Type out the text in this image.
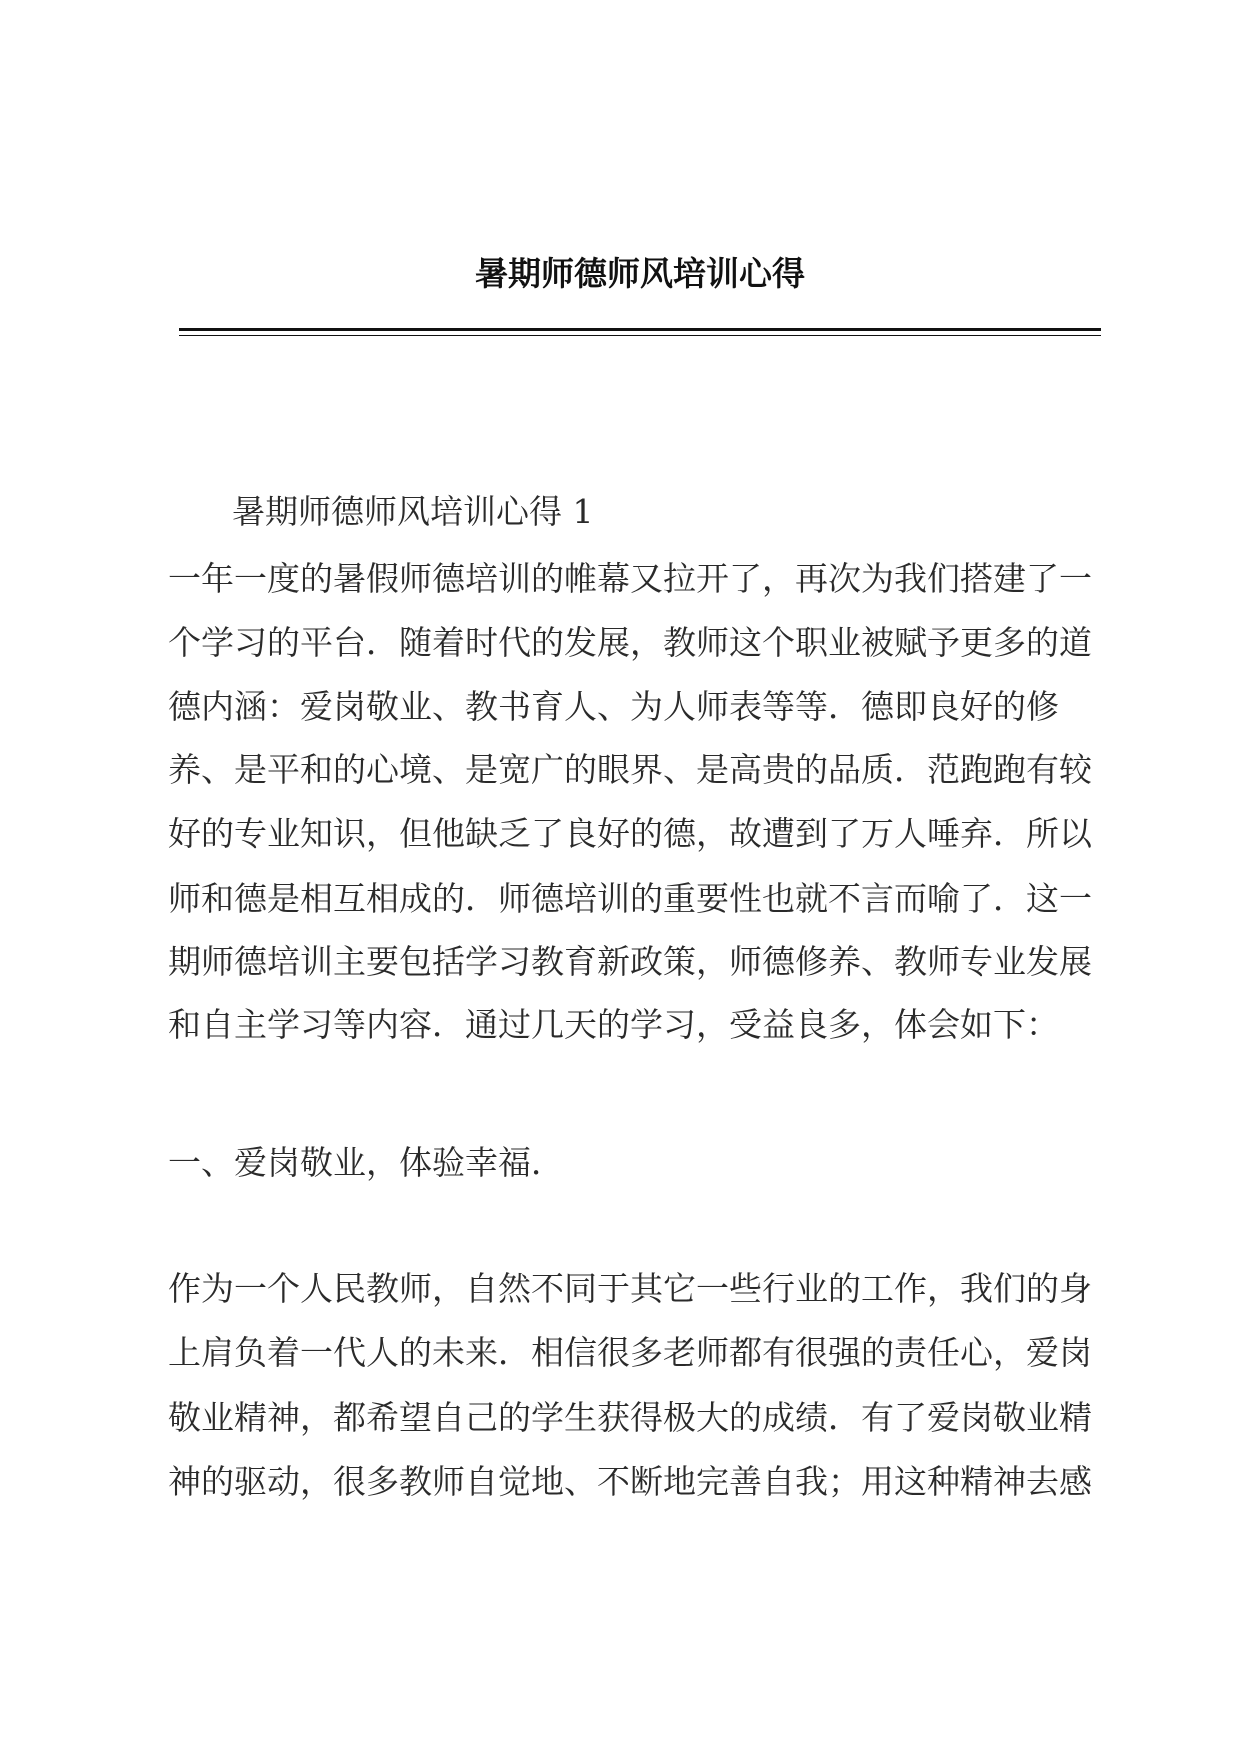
暑期师德师风培训心得
暑期师德师风培训心得 1
一年一度的暑假师德培训的帷幕又拉开了，再次为我们搭建了一
个学习的平台．随着时代的发展，教师这个职业被赋予更多的道
德内涵：爱岗敬业、教书育人、为人师表等等．德即良好的修
养、是平和的心境、是宽广的眼界、是高贵的品质．范跑跑有较
好的专业知识，但他缺乏了良好的德，故遭到了万人唾弃．所以
师和德是相互相成的．师德培训的重要性也就不言而喻了．这一
期师德培训主要包括学习教育新政策，师德修养、教师专业发展
和自主学习等内容．通过几天的学习，受益良多，体会如下：
一、爱岗敬业，体验幸福．
作为一个人民教师，自然不同于其它一些行业的工作，我们的身
上肩负着一代人的未来．相信很多老师都有很强的责任心，爱岗
敬业精神，都希望自己的学生获得极大的成绩．有了爱岗敬业精
神的驱动，很多教师自觉地、不断地完善自我；用这种精神去感
